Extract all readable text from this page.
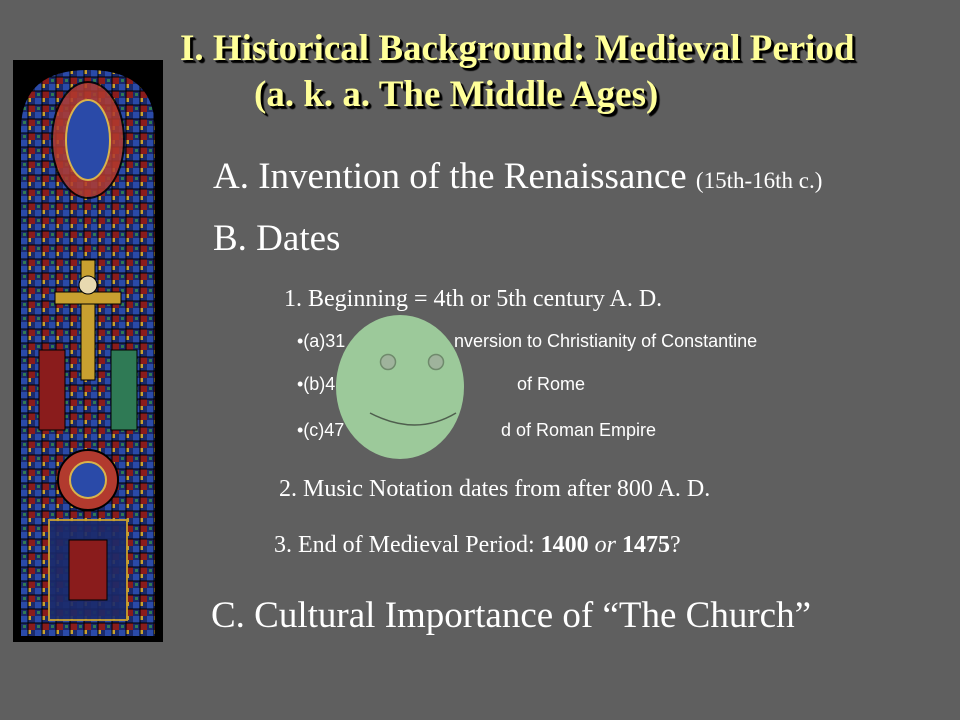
I. Historical Background: Medieval Period
(a. k. a. The Middle Ages)
A. Invention of the Renaissance (15th-16th c.)
B. Dates
1. Beginning = 4th or 5th century A. D.
•(a)31	nversion to Christianity of Constantine
•(b)4	of Rome
•(c)47	d of Roman Empire
2. Music Notation dates from after 800 A. D.
3. End of Medieval Period: 1400 or 1475?
C. Cultural Importance of “The Church”
